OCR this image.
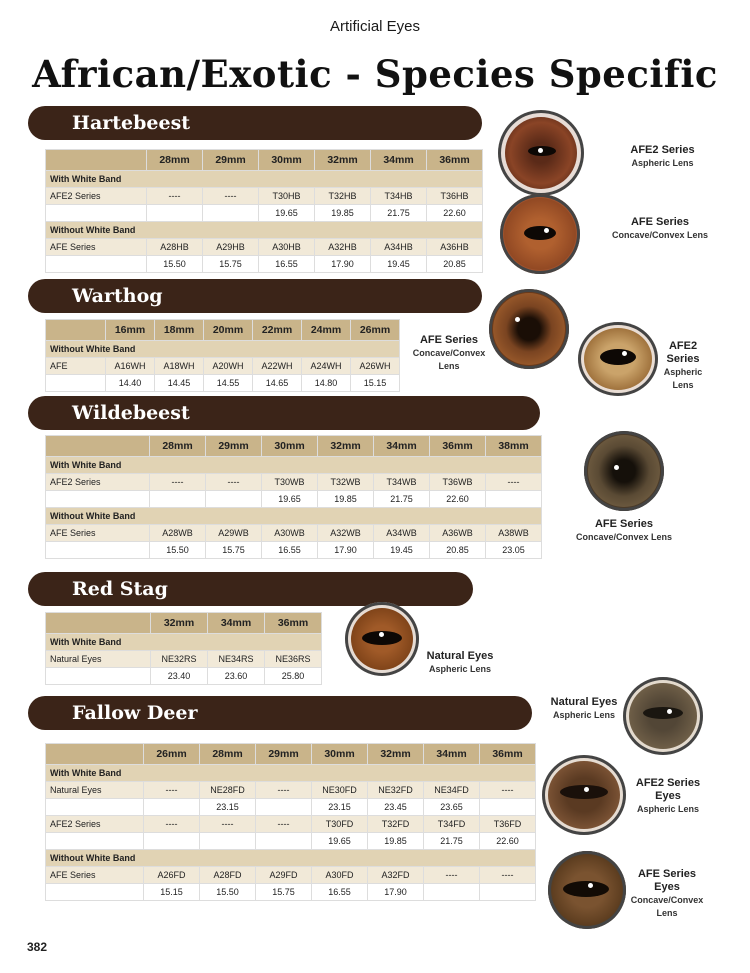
Artificial Eyes
African/Exotic - Species Specific
Hartebeest
	28mm	29mm	30mm	32mm	34mm	36mm
With White Band						
AFE2 Series	----	----	T30HB	T32HB	T34HB	T36HB
			19.65	19.85	21.75	22.60
Without White Band						
AFE Series	A28HB	A29HB	A30HB	A32HB	A34HB	A36HB
	15.50	15.75	16.55	17.90	19.45	20.85
Warthog
	16mm	18mm	20mm	22mm	24mm	26mm
Without White Band						
AFE	A16WH	A18WH	A20WH	A22WH	A24WH	A26WH
	14.40	14.45	14.55	14.65	14.80	15.15
Wildebeest
	28mm	29mm	30mm	32mm	34mm	36mm	38mm
With White Band							
AFE2 Series	----	----	T30WB	T32WB	T34WB	T36WB	----
			19.65	19.85	21.75	22.60	
Without White Band							
AFE Series	A28WB	A29WB	A30WB	A32WB	A34WB	A36WB	A38WB
	15.50	15.75	16.55	17.90	19.45	20.85	23.05
Red Stag
	32mm	34mm	36mm
With White Band			
Natural Eyes	NE32RS	NE34RS	NE36RS
	23.40	23.60	25.80
Fallow Deer
	26mm	28mm	29mm	30mm	32mm	34mm	36mm
With White Band							
Natural Eyes	----	NE28FD	----	NE30FD	NE32FD	NE34FD	----
		23.15		23.15	23.45	23.65	
AFE2 Series	----	----	----	T30FD	T32FD	T34FD	T36FD
				19.65	19.85	21.75	22.60
Without White Band							
AFE Series	A26FD	A28FD	A29FD	A30FD	A32FD	----	----
	15.15	15.50	15.75	16.55	17.90		
AFE2 Series
Aspheric Lens
AFE Series
Concave/Convex Lens
AFE Series
Concave/Convex Lens
AFE2 Series
Aspheric Lens
AFE Series
Concave/Convex Lens
Natural Eyes
Aspheric Lens
Natural Eyes
Aspheric Lens
AFE2 Series Eyes
Aspheric Lens
AFE Series Eyes
Concave/Convex Lens
382
